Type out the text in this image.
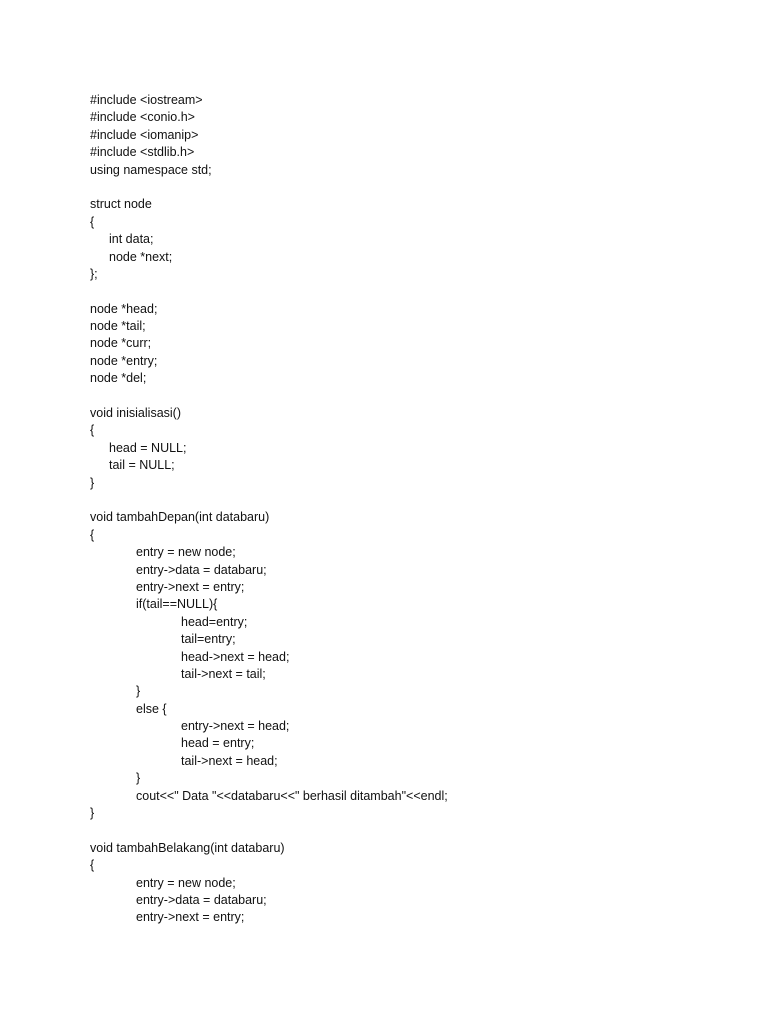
#include <iostream>
#include <conio.h>
#include <iomanip>
#include <stdlib.h>
using namespace std;
struct node
{
int data;
node *next;
};
node *head;
node *tail;
node *curr;
node *entry;
node *del;
void inisialisasi()
{
head = NULL;
tail = NULL;
}
void tambahDepan(int databaru)
{
entry = new node;
entry->data = databaru;
entry->next = entry;
if(tail==NULL){
head=entry;
tail=entry;
head->next = head;
tail->next = tail;
}
else {
entry->next = head;
head = entry;
tail->next = head;
}
cout<<" Data "<<databaru<<" berhasil ditambah"<<endl;
}
void tambahBelakang(int databaru)
{
entry = new node;
entry->data = databaru;
entry->next = entry;
